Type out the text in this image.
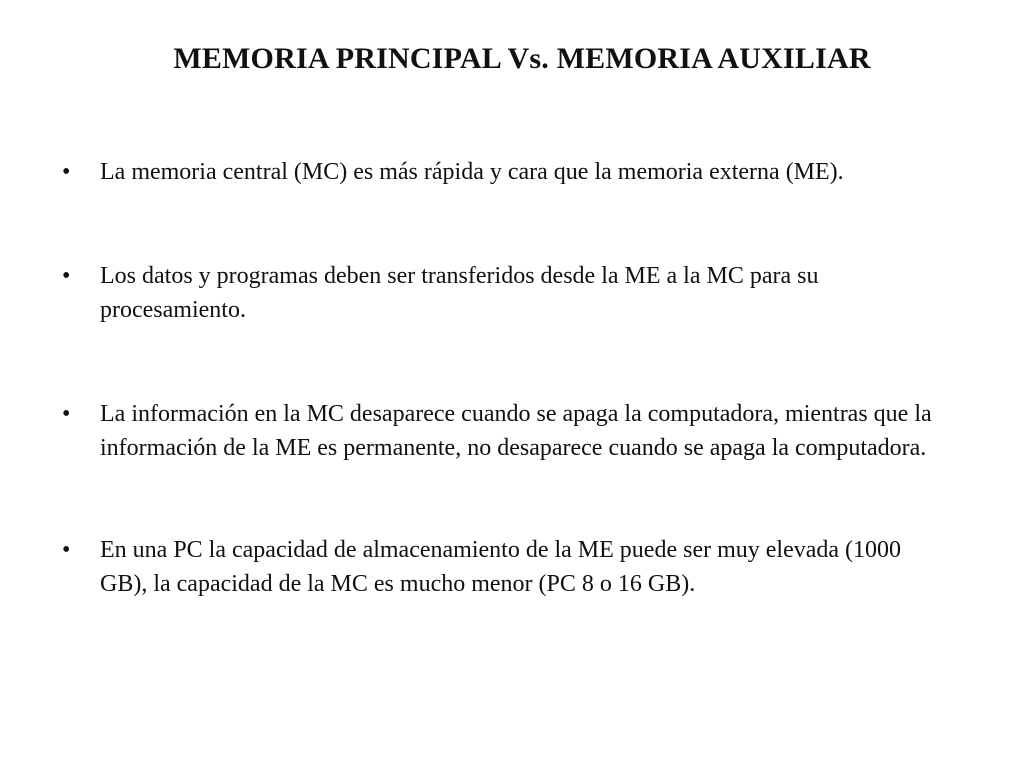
MEMORIA PRINCIPAL Vs. MEMORIA AUXILIAR
•	La memoria central (MC) es más rápida y cara que la memoria externa (ME).
•	Los datos y programas deben ser transferidos desde la ME a la MC para su procesamiento.
•	La información en la MC desaparece cuando se apaga la computadora, mientras que la información de la ME es permanente, no desaparece cuando se apaga la computadora.
•	En una PC la capacidad de almacenamiento de la ME puede ser muy elevada (1000 GB), la capacidad de la MC es mucho menor (PC 8 o 16 GB).
